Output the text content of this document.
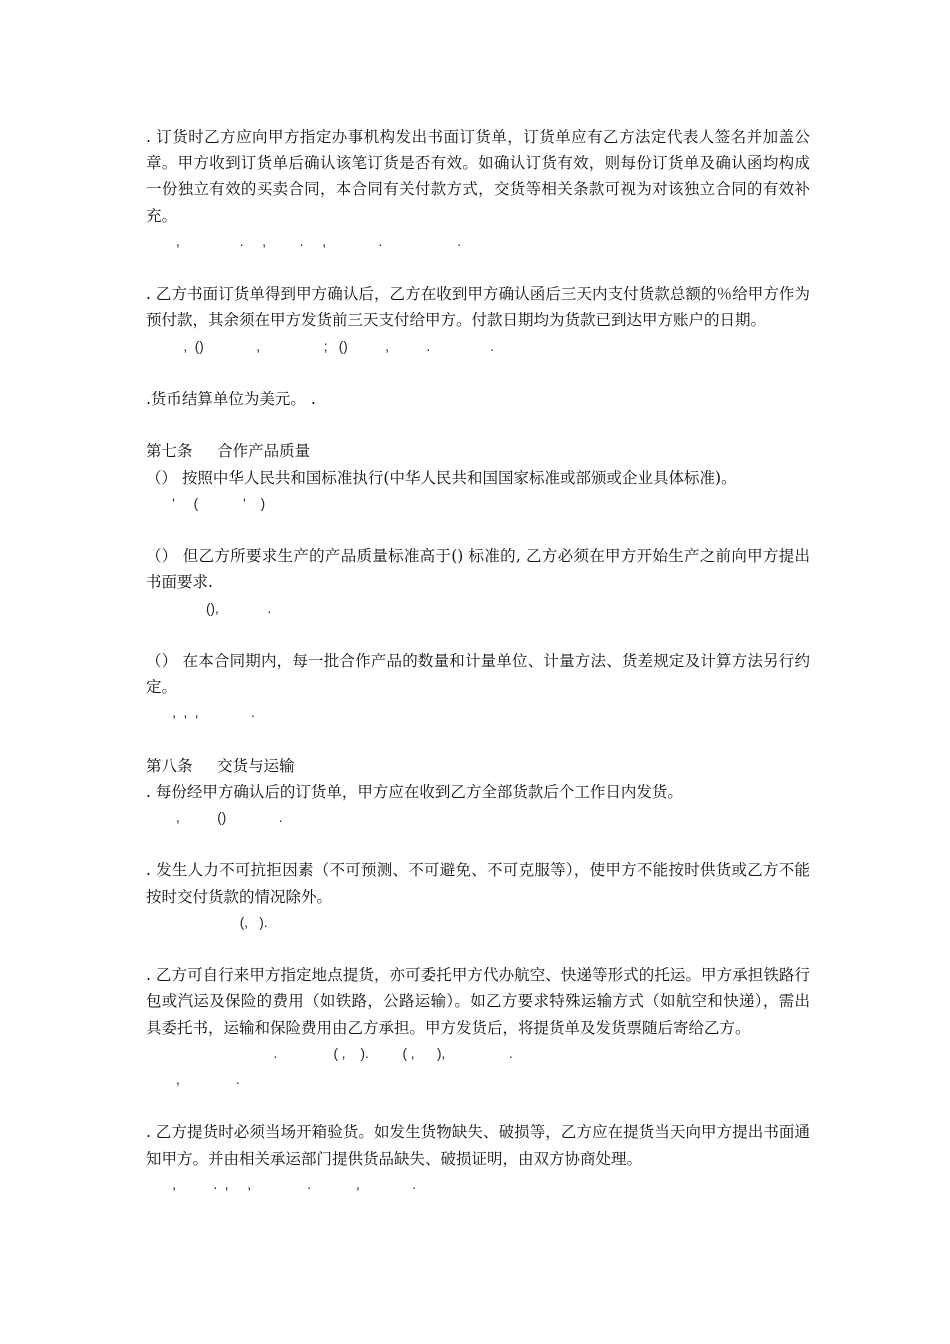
. 订货时乙方应向甲方指定办事机构发出书面订货单，订货单应有乙方法定代表人签名并加盖公章。甲方收到订货单后确认该笔订货是否有效。如确认订货有效，则每份订货单及确认函均构成一份独立有效的买卖合同，本合同有关付款方式，交货等相关条款可视为对该独立合同的有效补充。
,                .     ,         .     ,              .                    .
. 乙方书面订货单得到甲方确认后，乙方在收到甲方确认函后三天内支付货款总额的％给甲方作为预付款，其余须在甲方发货前三天支付给甲方。付款日期均为货款已到达甲方账户的日期。
,  ()              ,                 ;   ()          ,          .                .
.货币结算单位为美元。 .
第七条     合作产品质量
（） 按照中华人民共和国标准执行(中华人民共和国国家标准或部颁或企业具体标准)。
'     (            '    )
（） 但乙方所要求生产的产品质量标准高于() 标准的, 乙方必须在甲方开始生产之前向甲方提出书面要求.
(),             .
（） 在本合同期内，每一批合作产品的数量和计量单位、计量方法、货差规定及计算方法另行约定。
,  ,  ,              .
第八条     交货与运输
. 每份经甲方确认后的订货单，甲方应在收到乙方全部货款后个工作日内发货。
,          ()              .
. 发生人力不可抗拒因素（不可预测、不可避免、不可克服等），使甲方不能按时供货或乙方不能按时交付货款的情况除外。
(,   ).
. 乙方可自行来甲方指定地点提货，亦可委托甲方代办航空、快递等形式的托运。甲方承担铁路行包或汽运及保险的费用（如铁路，公路运输）。如乙方要求特殊运输方式（如航空和快递），需出具委托书，运输和保险费用由乙方承担。甲方发货后，将提货单及发货票随后寄给乙方。
.               ( ,    ).         ( ,      ),                 .
,               .
. 乙方提货时必须当场开箱验货。如发生货物缺失、破损等，乙方应在提货当天向甲方提出书面通知甲方。并由相关承运部门提供货品缺失、破损证明，由双方协商处理。
,          .  ,     ,               .            ,              .
